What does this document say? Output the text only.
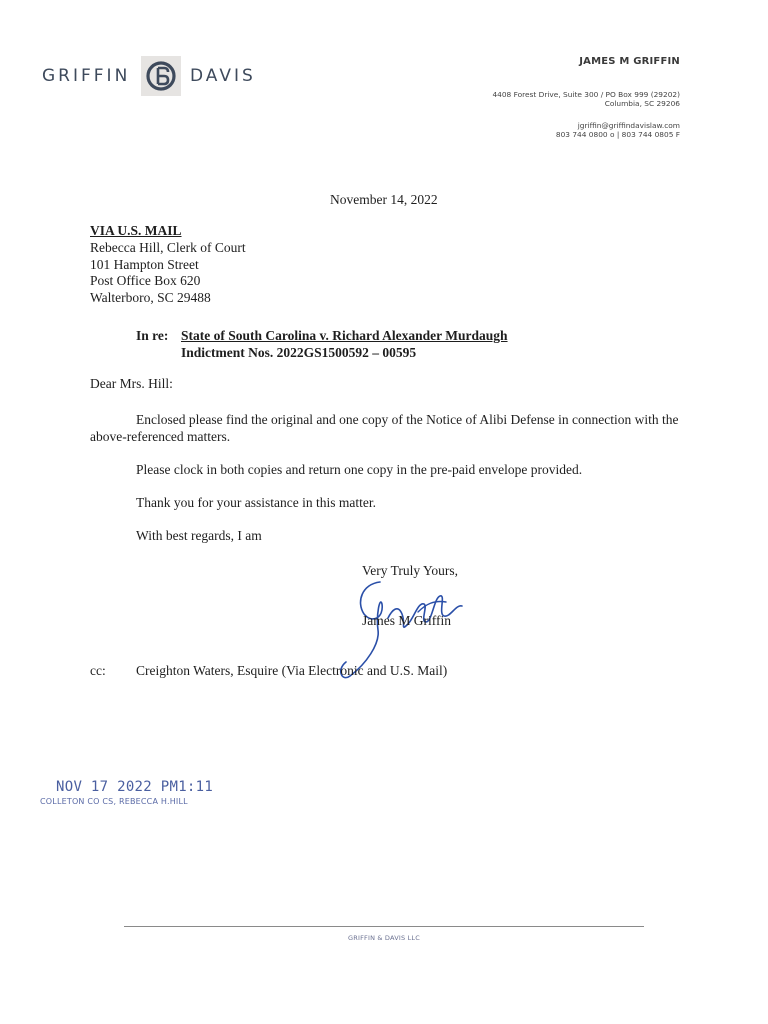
GRIFFIN	DAVIS
JAMES M GRIFFIN
4408 Forest Drive, Suite 300 / PO Box 999 (29202)
Columbia, SC 29206
jgriffin@griffindavislaw.com
803 744 0800 o | 803 744 0805 F
November 14, 2022
VIA U.S. MAIL
Rebecca Hill, Clerk of Court
101 Hampton Street
Post Office Box 620
Walterboro, SC 29488
In re: State of South Carolina v. Richard Alexander Murdaugh
Indictment Nos. 2022GS1500592 – 00595
Dear Mrs. Hill:
Enclosed please find the original and one copy of the Notice of Alibi Defense in connection with the above-referenced matters.
Please clock in both copies and return one copy in the pre-paid envelope provided.
Thank you for your assistance in this matter.
With best regards, I am
Very Truly Yours,
James M Griffin
cc: Creighton Waters, Esquire (Via Electronic and U.S. Mail)
NOV 17 2022 PM1:11
COLLETON CO CS, REBECCA H.HILL
GRIFFIN & DAVIS LLC
